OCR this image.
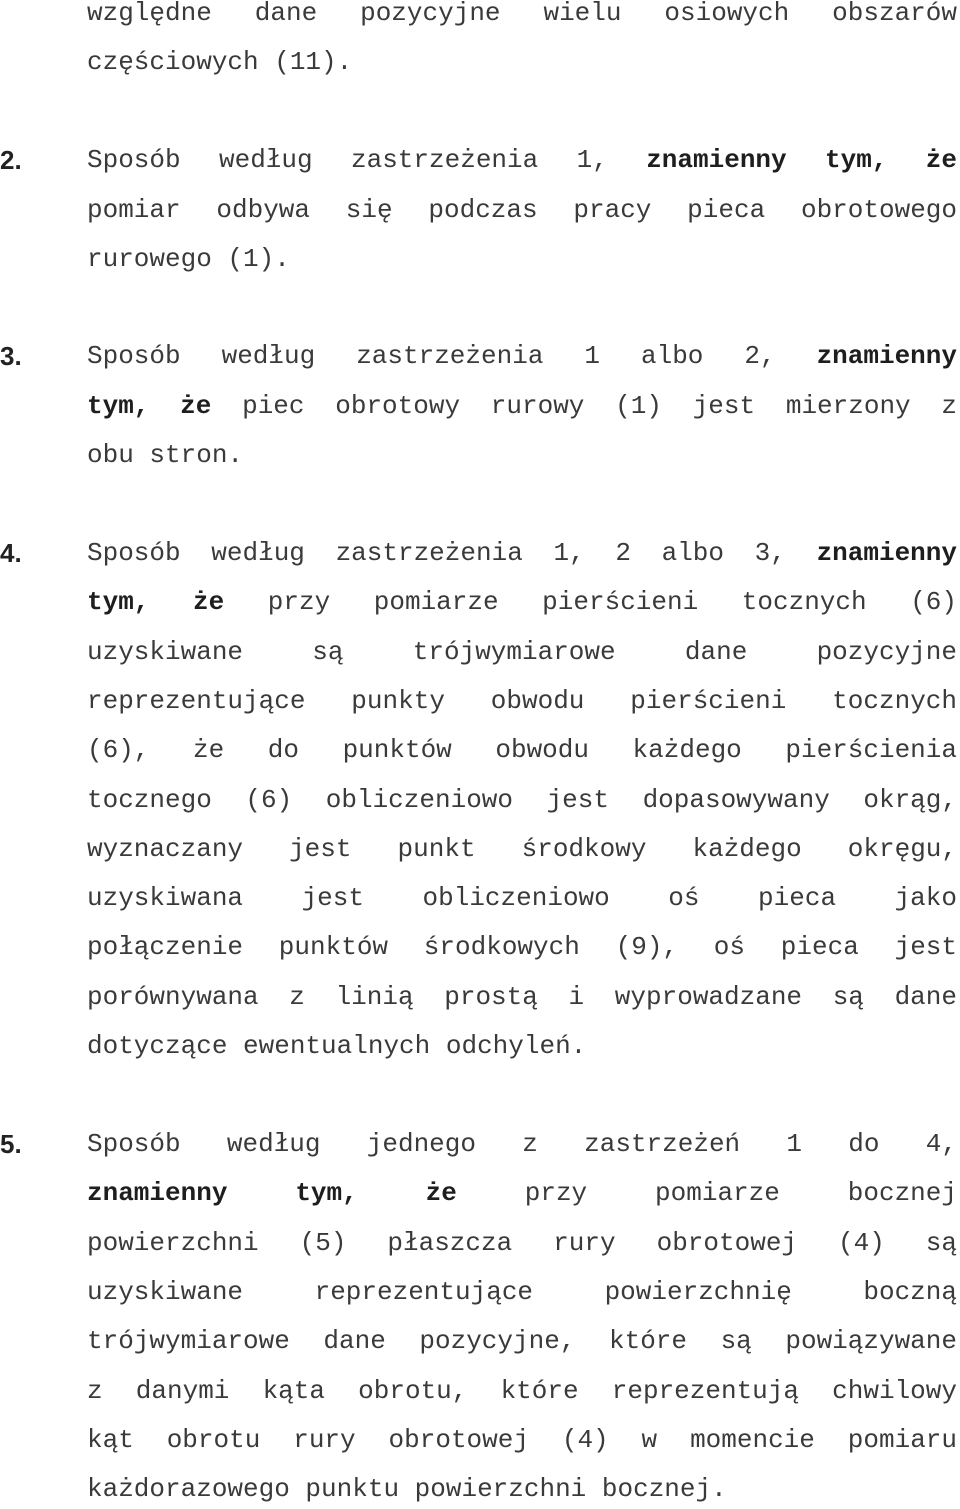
względne dane pozycyjne wielu osiowych obszarów
częściowych (11).
2.	Sposób według zastrzeżenia 1, znamienny tym, że
pomiar odbywa się podczas pracy pieca obrotowego
rurowego (1).
3.	Sposób według zastrzeżenia 1 albo 2, znamienny
tym, że piec obrotowy rurowy (1) jest mierzony z
obu stron.
4.	Sposób według zastrzeżenia 1, 2 albo 3, znamienny
tym, że przy pomiarze pierścieni tocznych (6)
uzyskiwane są trójwymiarowe dane pozycyjne
reprezentujące punkty obwodu pierścieni tocznych
(6), że do punktów obwodu każdego pierścienia
tocznego (6) obliczeniowo jest dopasowywany okrąg,
wyznaczany jest punkt środkowy każdego okręgu,
uzyskiwana jest obliczeniowo oś pieca jako
połączenie punktów środkowych (9), oś pieca jest
porównywana z linią prostą i wyprowadzane są dane
dotyczące ewentualnych odchyleń.
5.	Sposób według jednego z zastrzeżeń 1 do 4,
znamienny tym, że przy pomiarze bocznej
powierzchni (5) płaszcza rury obrotowej (4) są
uzyskiwane reprezentujące powierzchnię boczną
trójwymiarowe dane pozycyjne, które są powiązywane
z danymi kąta obrotu, które reprezentują chwilowy
kąt obrotu rury obrotowej (4) w momencie pomiaru
każdorazowego punktu powierzchni bocznej.
